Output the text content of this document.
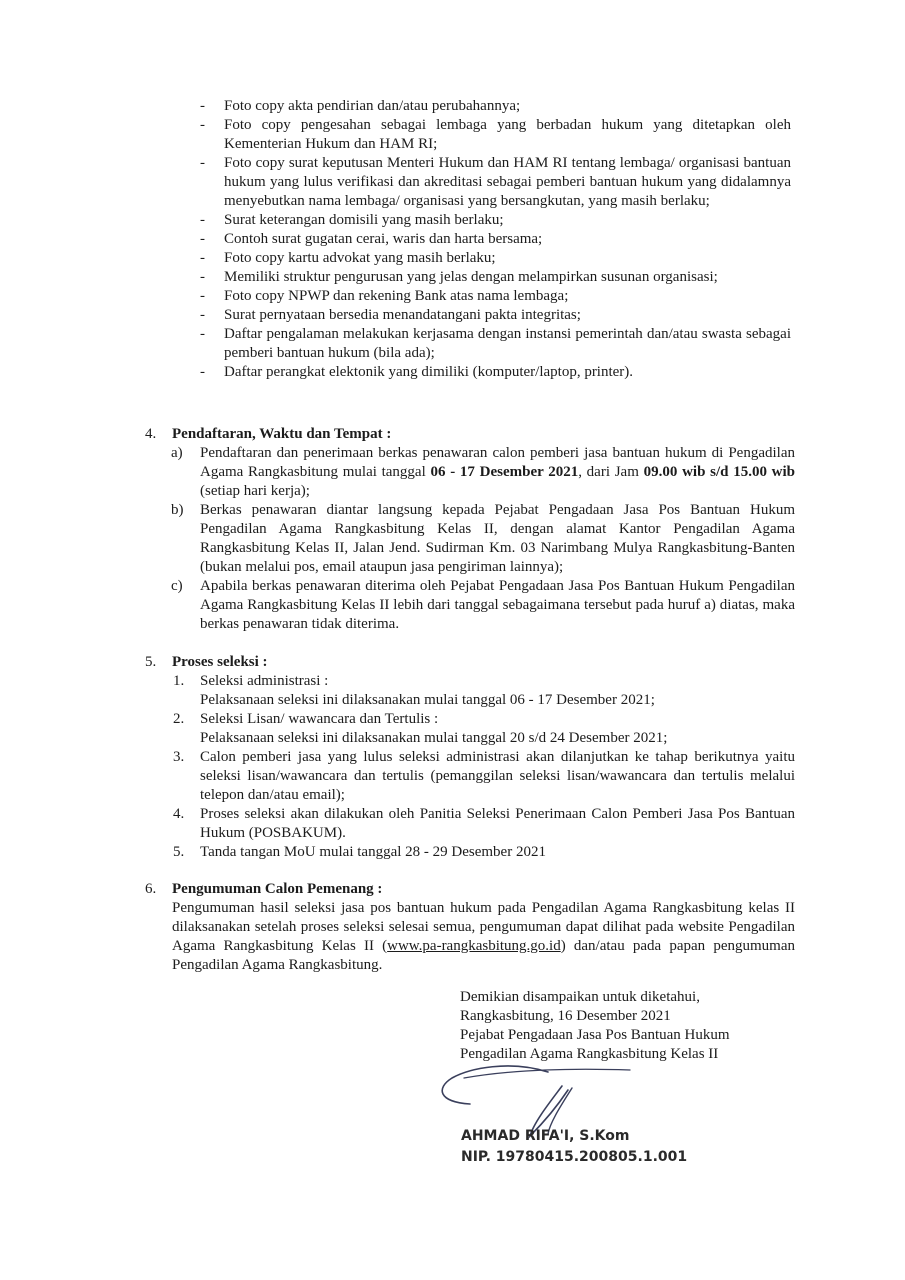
- Foto copy akta pendirian dan/atau perubahannya;
- Foto copy pengesahan sebagai lembaga yang berbadan hukum yang ditetapkan oleh Kementerian Hukum dan HAM RI;
- Foto copy surat keputusan Menteri Hukum dan HAM RI tentang lembaga/ organisasi bantuan hukum yang lulus verifikasi dan akreditasi sebagai pemberi bantuan hukum yang didalamnya menyebutkan nama lembaga/ organisasi yang bersangkutan, yang masih berlaku;
- Surat keterangan domisili yang masih berlaku;
- Contoh surat gugatan cerai, waris dan harta bersama;
- Foto copy kartu advokat yang masih berlaku;
- Memiliki struktur pengurusan yang jelas dengan melampirkan susunan organisasi;
- Foto copy NPWP dan rekening Bank atas nama lembaga;
- Surat pernyataan bersedia menandatangani pakta integritas;
- Daftar pengalaman melakukan kerjasama dengan instansi pemerintah dan/atau swasta sebagai pemberi bantuan hukum (bila ada);
- Daftar perangkat elektonik yang dimiliki (komputer/laptop, printer).
4. Pendaftaran, Waktu dan Tempat :
a) Pendaftaran dan penerimaan berkas penawaran calon pemberi jasa bantuan hukum di Pengadilan Agama Rangkasbitung mulai tanggal 06 - 17 Desember 2021, dari Jam 09.00 wib s/d 15.00 wib (setiap hari kerja);
b) Berkas penawaran diantar langsung kepada Pejabat Pengadaan Jasa Pos Bantuan Hukum Pengadilan Agama Rangkasbitung Kelas II, dengan alamat Kantor Pengadilan Agama Rangkasbitung Kelas II, Jalan Jend. Sudirman Km. 03 Narimbang Mulya Rangkasbitung-Banten (bukan melalui pos, email ataupun jasa pengiriman lainnya);
c) Apabila berkas penawaran diterima oleh Pejabat Pengadaan Jasa Pos Bantuan Hukum Pengadilan Agama Rangkasbitung Kelas II lebih dari tanggal sebagaimana tersebut pada huruf a) diatas, maka berkas penawaran tidak diterima.
5. Proses seleksi :
1. Seleksi administrasi :
Pelaksanaan seleksi ini dilaksanakan mulai tanggal 06 - 17 Desember 2021;
2. Seleksi Lisan/ wawancara dan Tertulis :
Pelaksanaan seleksi ini dilaksanakan mulai tanggal 20 s/d 24 Desember 2021;
3. Calon pemberi jasa yang lulus seleksi administrasi akan dilanjutkan ke tahap berikutnya yaitu seleksi lisan/wawancara dan tertulis (pemanggilan seleksi lisan/wawancara dan tertulis melalui telepon dan/atau email);
4. Proses seleksi akan dilakukan oleh Panitia Seleksi Penerimaan Calon Pemberi Jasa Pos Bantuan Hukum (POSBAKUM).
5. Tanda tangan MoU mulai tanggal 28 - 29 Desember 2021
6. Pengumuman Calon Pemenang :
Pengumuman hasil seleksi jasa pos bantuan hukum pada Pengadilan Agama Rangkasbitung kelas II dilaksanakan setelah proses seleksi selesai semua, pengumuman dapat dilihat pada website Pengadilan Agama Rangkasbitung Kelas II (www.pa-rangkasbitung.go.id) dan/atau pada papan pengumuman Pengadilan Agama Rangkasbitung.
Demikian disampaikan untuk diketahui,
Rangkasbitung, 16 Desember 2021
Pejabat Pengadaan Jasa Pos Bantuan Hukum
Pengadilan Agama Rangkasbitung Kelas II
AHMAD RIFA'I, S.Kom
NIP. 19780415.200805.1.001
